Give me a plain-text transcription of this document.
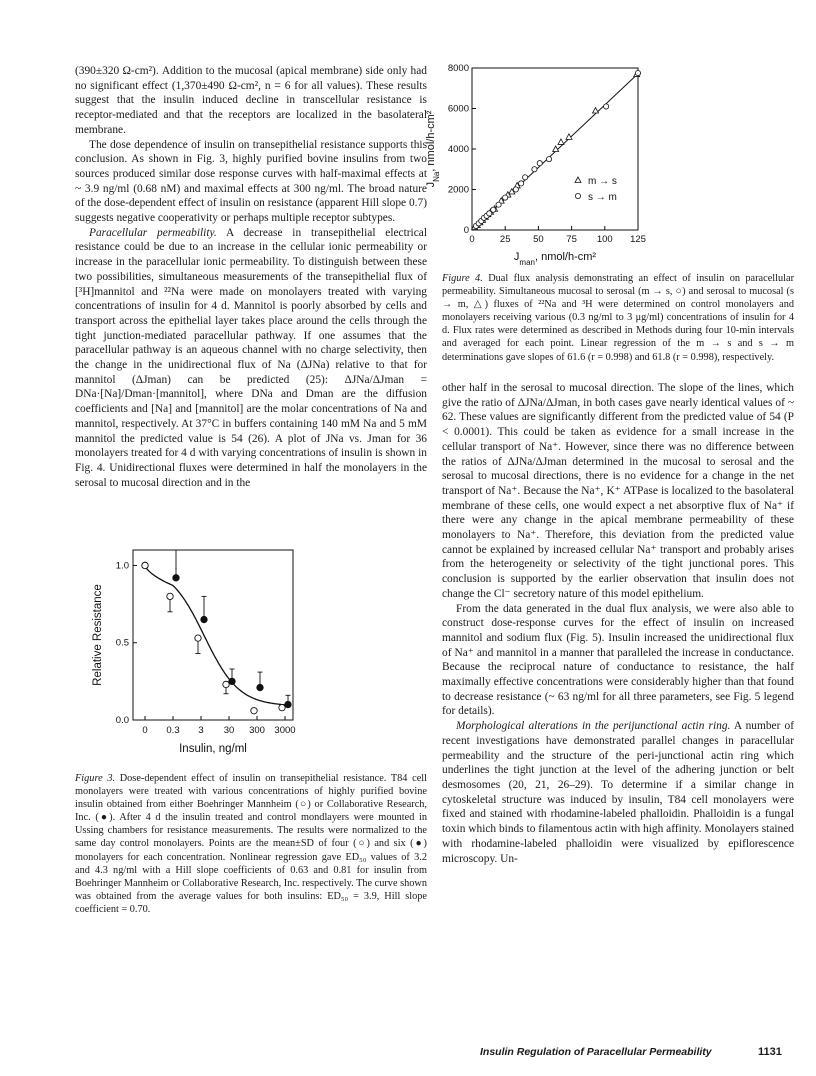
(390±320 Ω-cm²). Addition to the mucosal (apical membrane) side only had no significant effect (1,370±490 Ω-cm², n = 6 for all values). These results suggest that the insulin induced decline in transcellular resistance is receptor-mediated and that the receptors are localized in the basolateral membrane.

The dose dependence of insulin on transepithelial resistance supports this conclusion. As shown in Fig. 3, highly purified bovine insulins from two sources produced similar dose response curves with half-maximal effects at ~ 3.9 ng/ml (0.68 nM) and maximal effects at 300 ng/ml. The broad nature of the dose-dependent effect of insulin on resistance (apparent Hill slope 0.7) suggests negative cooperativity or perhaps multiple receptor subtypes.

Paracellular permeability. A decrease in transepithelial electrical resistance could be due to an increase in the cellular ionic permeability or increase in the paracellular ionic permeability. To distinguish between these two possibilities, simultaneous measurements of the transepithelial flux of [³H]mannitol and ²²Na were made on monolayers treated with varying concentrations of insulin for 4 d. Mannitol is poorly absorbed by cells and transport across the epithelial layer takes place around the cells through the tight junction-mediated paracellular pathway. If one assumes that the paracellular pathway is an aqueous channel with no charge selectivity, then the change in the unidirectional flux of Na (ΔJNa) relative to that for mannitol (ΔJman) can be predicted (25): ΔJNa/ΔJman = DNa·[Na]/Dman·[mannitol], where DNa and Dman are the diffusion coefficients and [Na] and [mannitol] are the molar concentrations of Na and mannitol, respectively. At 37°C in buffers containing 140 mM Na and 5 mM mannitol the predicted value is 54 (26). A plot of JNa vs. Jman for 36 monolayers treated for 4 d with varying concentrations of insulin is shown in Fig. 4. Unidirectional fluxes were determined in half the monolayers in the serosal to mucosal direction and in the

0	25 50 75 100 125
0
2000
4000
6000
8000
m → s
s → m
$J_{man}$, nmol/h-cm²
$J_{Na}$, nmol/h-cm²
Figure 4. Dual flux analysis demonstrating an effect of insulin on paracellular permeability. Simultaneous mucosal to serosal (m → s, ○) and serosal to mucosal (s → m, △) fluxes of ²²Na and ³H were determined on control monolayers and monolayers receiving various (0.3 ng/ml to 3 μg/ml) concentrations of insulin for 4 d. Flux rates were determined as described in Methods during four 10-min intervals and averaged for each point. Linear regression of the m → s and s → m determinations gave slopes of 61.6 (r = 0.998) and 61.8 (r = 0.998), respectively.

other half in the serosal to mucosal direction. The slope of the lines, which give the ratio of ΔJNa/ΔJman, in both cases gave nearly identical values of ~ 62. These values are significantly different from the predicted value of 54 (P < 0.0001). This could be taken as evidence for a small increase in the cellular transport of Na⁺. However, since there was no difference between the ratios of ΔJNa/ΔJman determined in the mucosal to serosal and the serosal to mucosal directions, there is no evidence for a change in the net transport of Na⁺. Because the Na⁺, K⁺ ATPase is localized to the basolateral membrane of these cells, one would expect a net absorptive flux of Na⁺ if there were any change in the apical membrane permeability of these monolayers to Na⁺. Therefore, this deviation from the predicted value cannot be explained by increased cellular Na⁺ transport and probably arises from the heterogeneity or selectivity of the tight junctional pores. This conclusion is supported by the earlier observation that insulin does not change the Cl⁻ secretory nature of this model epithelium.

From the data generated in the dual flux analysis, we were also able to construct dose-response curves for the effect of insulin on increased mannitol and sodium flux (Fig. 5). Insulin increased the unidirectional flux of Na⁺ and mannitol in a manner that paralleled the increase in conductance. Because the reciprocal nature of conductance to resistance, the half maximally effective concentrations were considerably higher than that found to decrease resistance (~ 63 ng/ml for all three parameters, see Fig. 5 legend for details).

Morphological alterations in the perijunctional actin ring. A number of recent investigations have demonstrated parallel changes in paracellular permeability and the structure of the peri-junctional actin ring which underlines the tight junction at the level of the adhering junction or belt desmosomes (20, 21, 26–29). To determine if a similar change in cytoskeletal structure was induced by insulin, T84 cell monolayers were fixed and stained with rhodamine-labeled phalloidin. Phalloidin is a fungal toxin which binds to filamentous actin with high affinity. Monolayers stained with rhodamine-labeled phalloidin were visualized by epiflorescence microscopy. Un-

0 0.3 3 30 300 3000
0.0
0.5
1.0
Insulin, ng/ml
Relative Resistance
Figure 3. Dose-dependent effect of insulin on transepithelial resistance. T84 cell monolayers were treated with various concentrations of highly purified bovine insulin obtained from either Boehringer Mannheim (○) or Collaborative Research, Inc. (●). After 4 d the insulin treated and control mondlayers were mounted in Ussing chambers for resistance measurements. The results were normalized to the same day control monolayers. Points are the mean±SD of four (○) and six (●) monolayers for each concentration. Nonlinear regression gave ED₅₀ values of 3.2 and 4.3 ng/ml with a Hill slope coefficients of 0.63 and 0.81 for insulin from Boehringer Mannheim or Collaborative Research, Inc. respectively. The curve shown was obtained from the average values for both insulins: ED₅₀ = 3.9, Hill slope coefficient = 0.70.
Insulin Regulation of Paracellular Permeability	1131
